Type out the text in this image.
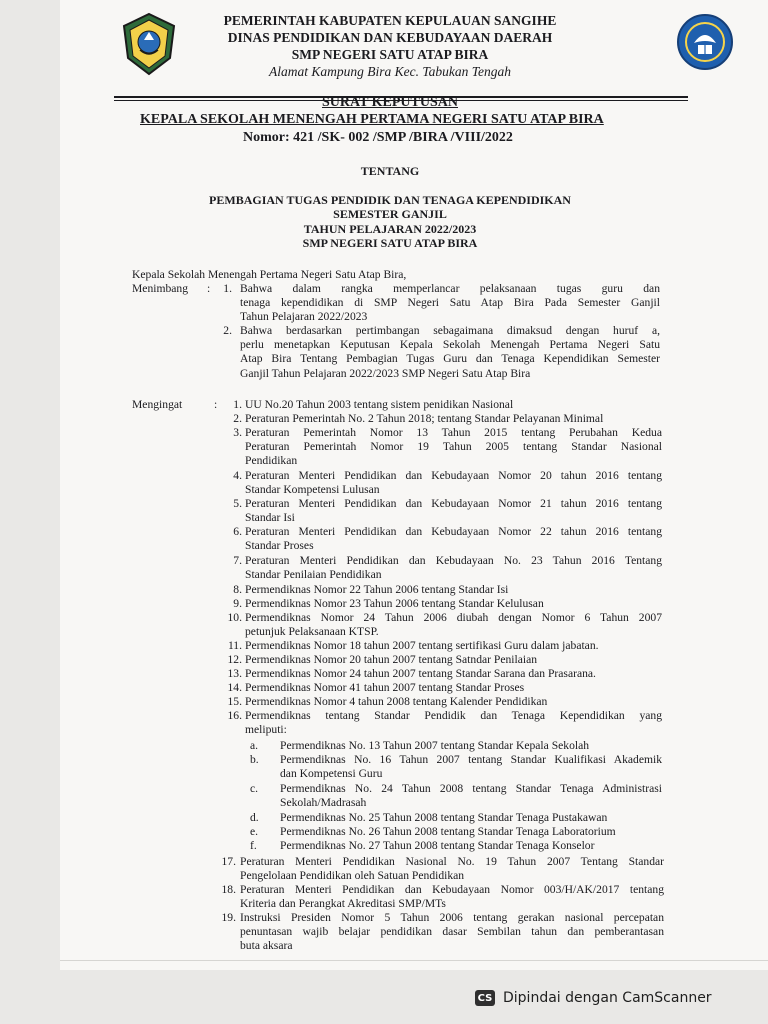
PEMERINTAH KABUPATEN KEPULAUAN SANGIHE
DINAS PENDIDIKAN DAN KEBUDAYAAN DAERAH
SMP NEGERI SATU ATAP BIRA
Alamat Kampung Bira Kec. Tabukan Tengah
SURAT KEPUTUSAN
KEPALA SEKOLAH MENENGAH PERTAMA NEGERI SATU ATAP BIRA
Nomor: 421 /SK- 002 /SMP /BIRA /VIII/2022
TENTANG
PEMBAGIAN TUGAS PENDIDIK DAN TENAGA KEPENDIDIKAN
SEMESTER GANJIL
TAHUN PELAJARAN 2022/2023
SMP NEGERI SATU ATAP BIRA
Kepala Sekolah Menengah Pertama Negeri Satu Atap Bira,
Menimbang :	1. Bahwa dalam rangka memperlancar pelaksanaan tugas guru dan
tenaga kependidikan di SMP Negeri Satu Atap Bira Pada Semester Ganjil
Tahun Pelajaran 2022/2023
2. Bahwa berdasarkan pertimbangan sebagaimana dimaksud dengan huruf a,
perlu menetapkan Keputusan Kepala Sekolah Menengah Pertama Negeri Satu
Atap Bira Tentang Pembagian Tugas Guru dan Tenaga Kependidikan Semester
Ganjil Tahun Pelajaran 2022/2023 SMP Negeri Satu Atap Bira
Mengingat	:	1. UU No.20 Tahun 2003 tentang sistem penidikan Nasional
2. Peraturan Pemerintah No. 2 Tahun 2018; tentang Standar Pelayanan Minimal
3. Peraturan Pemerintah Nomor 13 Tahun 2015 tentang Perubahan Kedua
Peraturan Pemerintah Nomor 19 Tahun 2005 tentang Standar Nasional
Pendidikan
4. Peraturan Menteri Pendidikan dan Kebudayaan Nomor 20 tahun 2016 tentang
Standar Kompetensi Lulusan
5. Peraturan Menteri Pendidikan dan Kebudayaan Nomor 21 tahun 2016 tentang
Standar Isi
6. Peraturan Menteri Pendidikan dan Kebudayaan Nomor 22 tahun 2016 tentang
Standar Proses
7. Peraturan Menteri Pendidikan dan Kebudayaan No. 23 Tahun 2016 Tentang
Standar Penilaian Pendidikan
8. Permendiknas Nomor 22 Tahun 2006 tentang Standar Isi
9. Permendiknas Nomor 23 Tahun 2006 tentang Standar Kelulusan
10. Permendiknas Nomor 24 Tahun 2006 diubah dengan Nomor 6 Tahun 2007
petunjuk Pelaksanaan KTSP.
11. Permendiknas Nomor 18 tahun 2007 tentang sertifikasi Guru dalam jabatan.
12. Permendiknas Nomor 20 tahun 2007 tentang Satndar Penilaian
13. Permendiknas Nomor 24 tahun 2007 tentang Standar Sarana dan Prasarana.
14. Permendiknas Nomor 41 tahun 2007 tentang Standar Proses
15. Permendiknas Nomor 4 tahun 2008 tentang Kalender Pendidikan
16. Permendiknas tentang Standar Pendidik dan Tenaga Kependidikan yang
meliputi:
a. Permendiknas No. 13 Tahun 2007 tentang Standar Kepala Sekolah
b. Permendiknas No. 16 Tahun 2007 tentang Standar Kualifikasi Akademik
dan Kompetensi Guru
c. Permendiknas No. 24 Tahun 2008 tentang Standar Tenaga Administrasi
Sekolah/Madrasah
d. Permendiknas No. 25 Tahun 2008 tentang Standar Tenaga Pustakawan
e. Permendiknas No. 26 Tahun 2008 tentang Standar Tenaga Laboratorium
f. Permendiknas No. 27 Tahun 2008 tentang Standar Tenaga Konselor
17. Peraturan Menteri Pendidikan Nasional No. 19 Tahun 2007 Tentang Standar
Pengelolaan Pendidikan oleh Satuan Pendidikan
18. Peraturan Menteri Pendidikan dan Kebudayaan Nomor 003/H/AK/2017 tentang
Kriteria dan Perangkat Akreditasi SMP/MTs
19. Instruksi Presiden Nomor 5 Tahun 2006 tentang gerakan nasional percepatan
penuntasan wajib belajar pendidikan dasar Sembilan tahun dan pemberantasan
buta aksara
CS Dipindai dengan CamScanner
